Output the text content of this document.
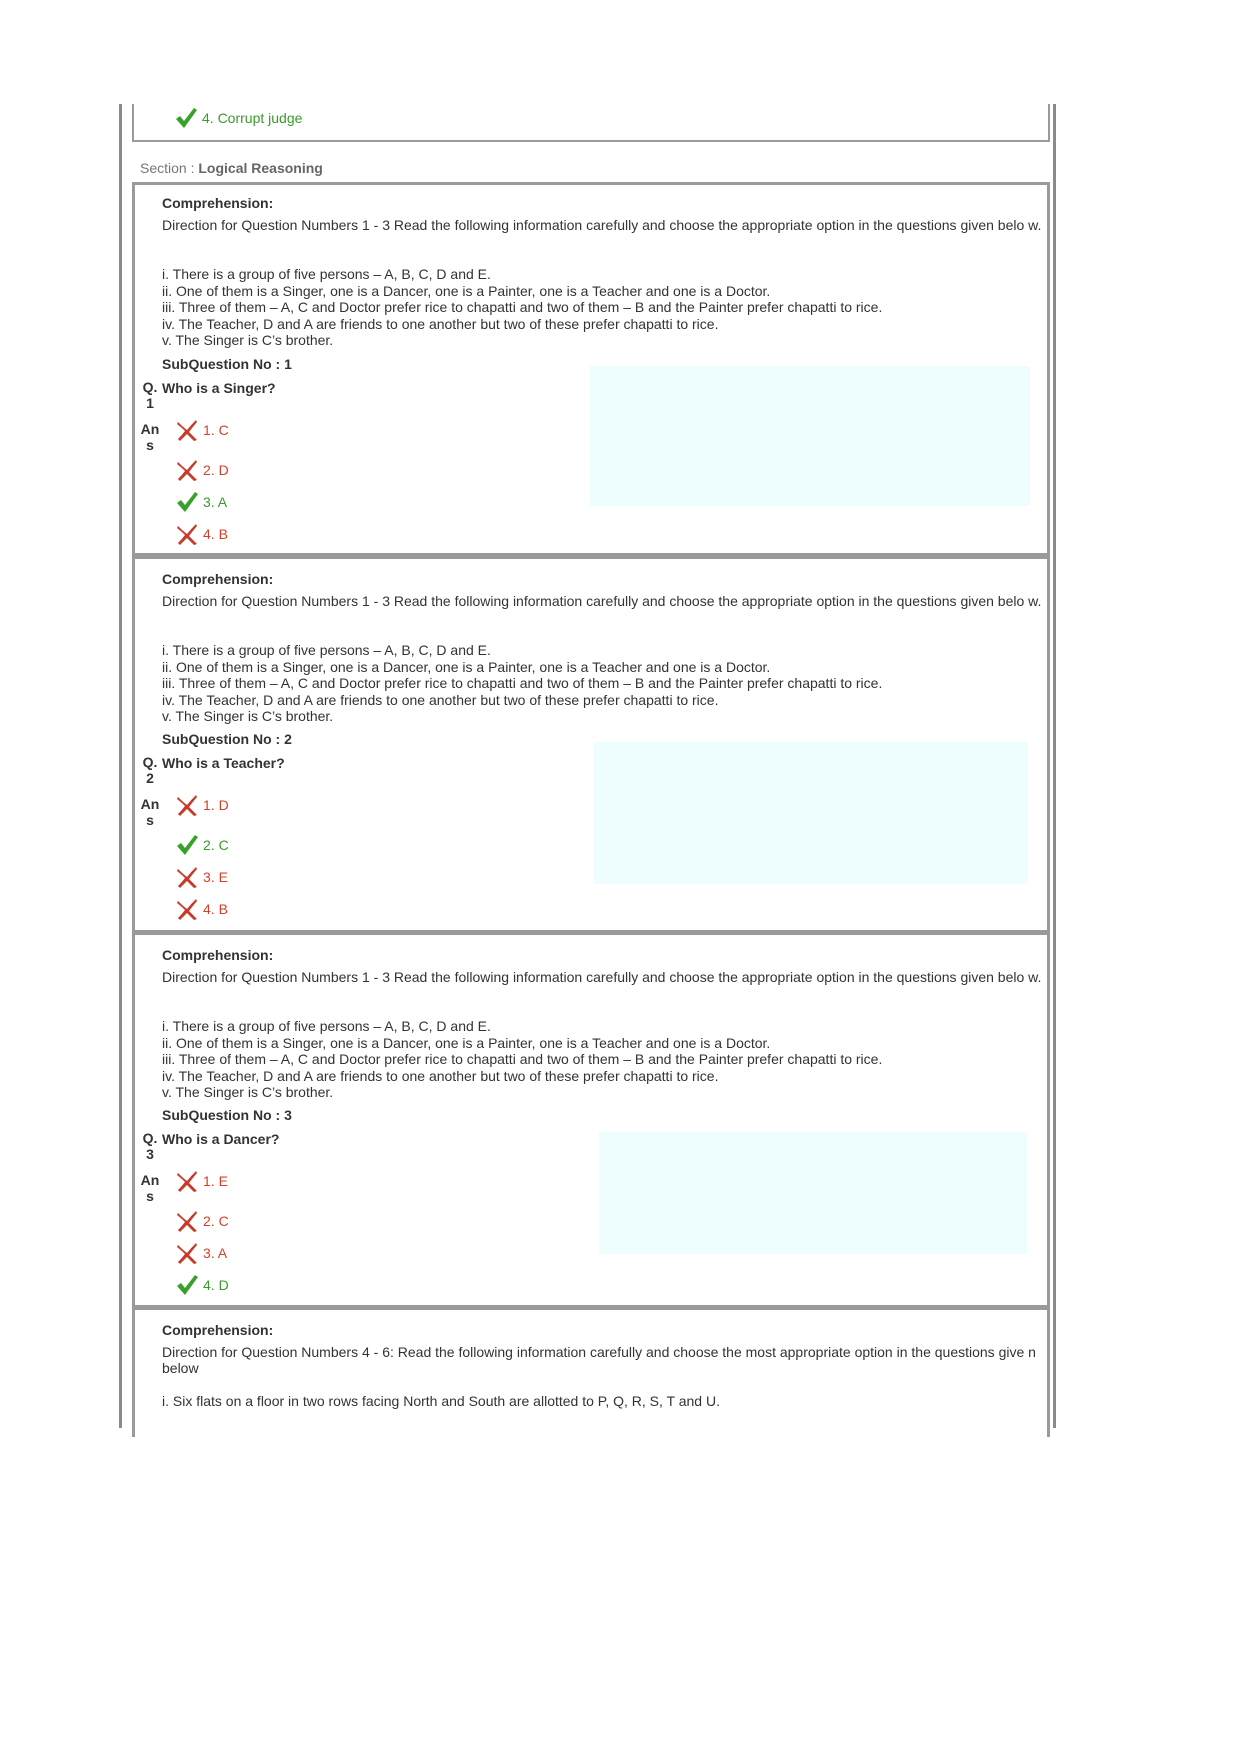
4. Corrupt judge
Section : Logical Reasoning
Comprehension:
Direction for Question Numbers 1 - 3 Read the following information carefully and choose the appropriate option in the questions given belo w.
i. There is a group of five persons – A, B, C, D and E.
ii. One of them is a Singer, one is a Dancer, one is a Painter, one is a Teacher and one is a Doctor.
iii. Three of them – A, C and Doctor prefer rice to chapatti and two of them – B and the Painter prefer chapatti to rice.
iv. The Teacher, D and A are friends to one another but two of these prefer chapatti to rice.
v. The Singer is C’s brother.
SubQuestion No : 1
Q.
1
Who is a Singer?
An
s
1. C
2. D
3. A
4. B
Comprehension:
Direction for Question Numbers 1 - 3 Read the following information carefully and choose the appropriate option in the questions given belo w.
i. There is a group of five persons – A, B, C, D and E.
ii. One of them is a Singer, one is a Dancer, one is a Painter, one is a Teacher and one is a Doctor.
iii. Three of them – A, C and Doctor prefer rice to chapatti and two of them – B and the Painter prefer chapatti to rice.
iv. The Teacher, D and A are friends to one another but two of these prefer chapatti to rice.
v. The Singer is C’s brother.
SubQuestion No : 2
Q.
2
Who is a Teacher?
An
s
1. D
2. C
3. E
4. B
Comprehension:
Direction for Question Numbers 1 - 3 Read the following information carefully and choose the appropriate option in the questions given belo w.
i. There is a group of five persons – A, B, C, D and E.
ii. One of them is a Singer, one is a Dancer, one is a Painter, one is a Teacher and one is a Doctor.
iii. Three of them – A, C and Doctor prefer rice to chapatti and two of them – B and the Painter prefer chapatti to rice.
iv. The Teacher, D and A are friends to one another but two of these prefer chapatti to rice.
v. The Singer is C’s brother.
SubQuestion No : 3
Q.
3
Who is a Dancer?
An
s
1. E
2. C
3. A
4. D
Comprehension:
Direction for Question Numbers 4 - 6: Read the following information carefully and choose the most appropriate option in the questions give n below
i. Six flats on a floor in two rows facing North and South are allotted to P, Q, R, S, T and U.
